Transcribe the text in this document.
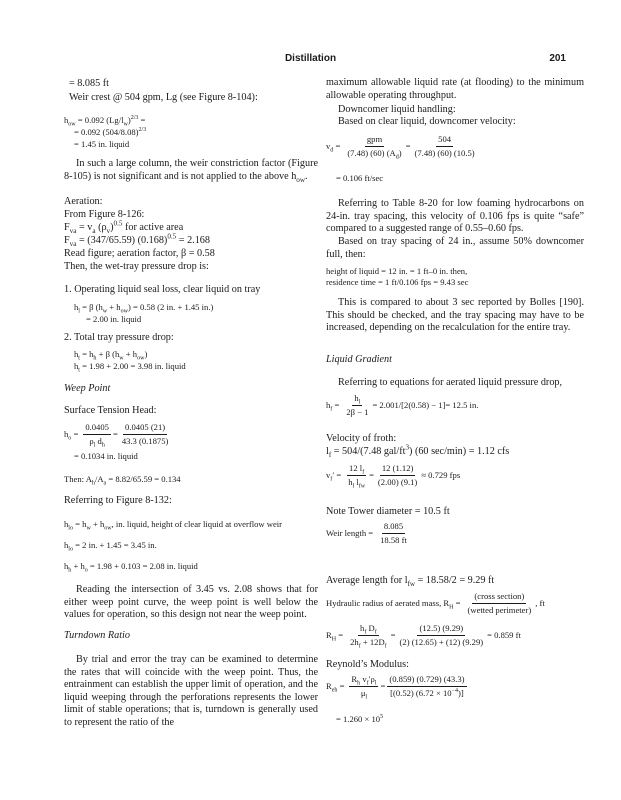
Distillation	201

= 8.085 ft

Weir crest @ 504 gpm, Lg (see Figure 8-104):

$h_{ow} = 0.092$ $(Lg/l_w)^{2/3}$ =

= 0.092 $(504/8.08)^{2/3}$

= 1.45 in. liquid

In such a large column, the weir constriction factor (Figure 8-105) is not significant and is not applied to the above $h_{ow}$.

Aeration:

From Figure 8-126:

$F_{va} = v_a$ $(\rho_v)^{0.5}$ for active area

$F_{va} = (347/65.59) (0.168)^{0.5} = 2.168$

Read figure; aeration factor, β = 0.58

Then, the wet-tray pressure drop is:

1. Operating liquid seal loss, clear liquid on tray

$h_l = \beta$ $(h_w + h_{ow}) = 0.58$ (2 in. + 1.45 in.)

= 2.00 in. liquid

2. Total tray pressure drop:

$h_t = h_h + \beta$ $(h_w + h_{ow})$

$h_t = 1.98 + 2.00 = 3.98$ in. liquid

Weep Point

Surface Tension Head:

$h_o = \frac{0.0405}{\rho_l d_h} = \frac{0.0405 (21)}{43.3 (0.1875)}$

= 0.1034 in. liquid

Then: $A_h/A_a = 8.82/65.59 = 0.134$

Referring to Figure 8-132:

$h_{lo} = h_w + h_{ow}$, in. liquid, height of clear liquid at overflow weir

$h_{lo} = 2$ in. + 1.45 = 3.45 in.

$h_h + h_o = 1.98 + 0.103 = 2.08$ in. liquid

Reading the intersection of 3.45 vs. 2.08 shows that for either weep point curve, the weep point is well below the values for operation, so this design not near the weep point.

Turndown Ratio

By trial and error the tray can be examined to determine the rates that will coincide with the weep point. Thus, the entrainment can establish the upper limit of operation, and the liquid weeping through the perforations represents the lower limit of stable operations; that is, turndown is generally used to represent the ratio of the

maximum allowable liquid rate (at flooding) to the minimum allowable operating throughput.

Downcomer liquid handling:

Based on clear liquid, downcomer velocity:

$v_d = \frac{\text{gpm}}{(7.48) (60) (A_d)} = \frac{504}{(7.48) (60) (10.5)}$

= 0.106 ft/sec

Referring to Table 8-20 for low foaming hydrocarbons on 24-in. tray spacing, this velocity of 0.106 fps is quite “safe” compared to a suggested range of 0.55–0.60 fps.

Based on tray spacing of 24 in., assume 50% downcomer full, then:

height of liquid = 12 in. = 1 ft–0 in. then,

residence time = 1 ft/0.106 fps = 9.43 sec

This is compared to about 3 sec reported by Bolles [190]. This should be checked, and the tray spacing may have to be increased, depending on the recalculation for the entire tray.

Liquid Gradient

Referring to equations for aerated liquid pressure drop,

$h_f = \frac{h_l}{2\beta - 1} = 2.001/[2(0.58) - 1]= 12.5$ in.

Velocity of froth:

$l_f = 504/(7.48$ gal/$ft^3$) (60 sec/min) = 1.12 cfs

$v_f' = \frac{12 l_f}{h_l l_{fw}} = \frac{12 (1.12)}{(2.00) (9.1)} \approx 0.729$ fps

Note Tower diameter = 10.5 ft

Weir length = $\frac{8.085}{18.58 ft}$

Average length for $l_{fw} = 18.58/2 = 9.29$ ft

Hydraulic radius of aerated mass, $R_H = \frac{\text{(cross section)}}{\text{(wetted perimeter)}}$ , ft
$R_H = \frac{h_f D_f}{2h_f + 12D_f} = \frac{(12.5) (9.29)}{(2) (12.65) + (12) (9.29)} = 0.859$ ft

Reynold’s Modulus:

$R_{eh} = \frac{R_h v_f'\rho_l}{\mu_l} = \frac{(0.859) (0.729) (43.3)}{[(0.52) (6.72 \times 10^{-4})]}$

= $1.260 \times 10^5$
